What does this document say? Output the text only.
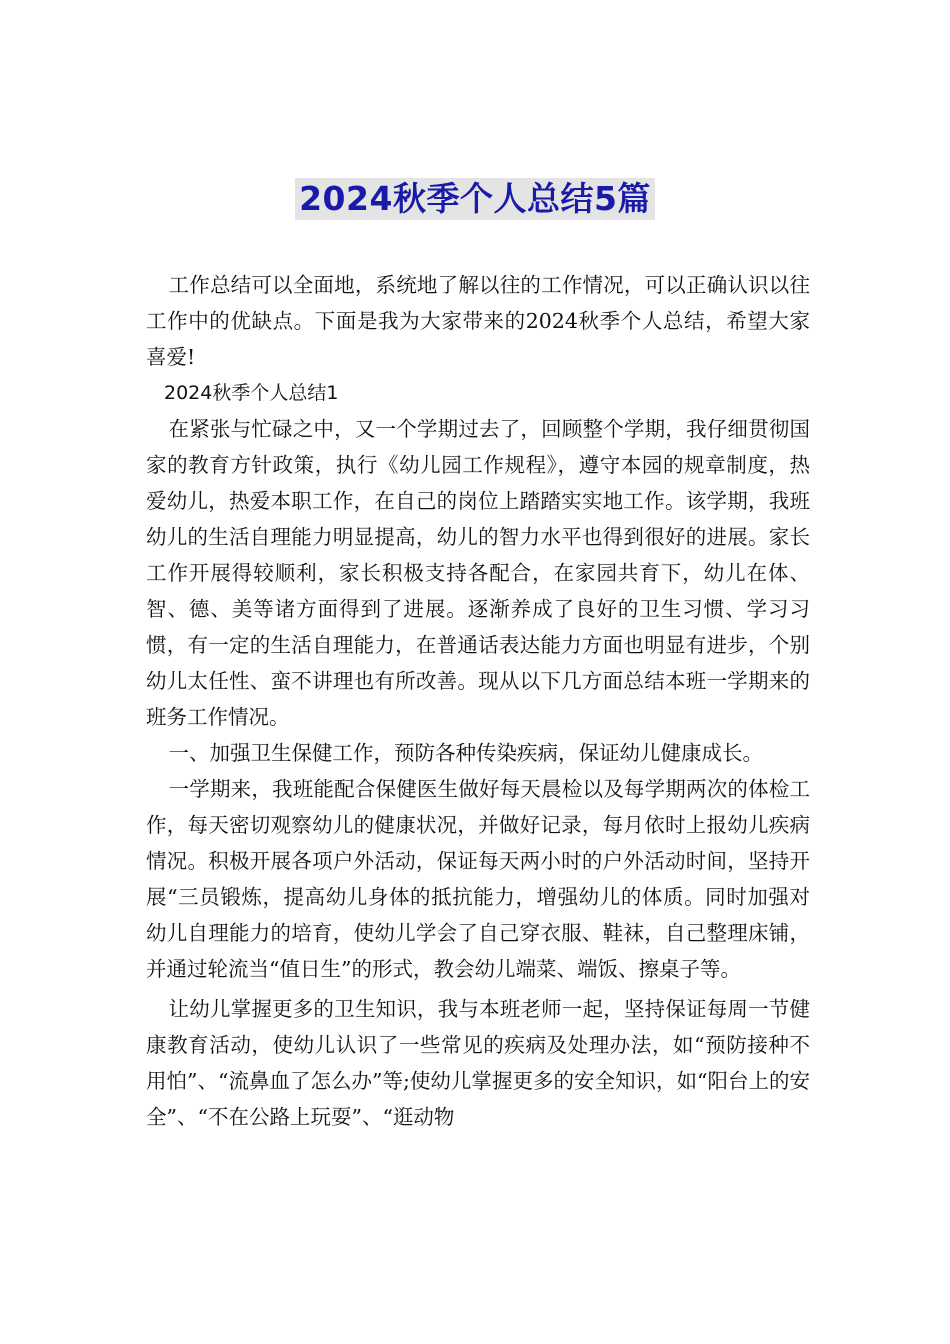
2024秋季个人总结5篇

工作总结可以全面地，系统地了解以往的工作情况，可以正确认识以往工作中的优缺点。下面是我为大家带来的2024秋季个人总结，希望大家喜爱!

2024秋季个人总结1

在紧张与忙碌之中，又一个学期过去了，回顾整个学期，我仔细贯彻国家的教育方针政策，执行《幼儿园工作规程》，遵守本园的规章制度，热爱幼儿，热爱本职工作，在自己的岗位上踏踏实实地工作。该学期，我班幼儿的生活自理能力明显提高，幼儿的智力水平也得到很好的进展。家长工作开展得较顺利，家长积极支持各配合，在家园共育下，幼儿在体、智、德、美等诸方面得到了进展。逐渐养成了良好的卫生习惯、学习习惯，有一定的生活自理能力，在普通话表达能力方面也明显有进步，个别幼儿太任性、蛮不讲理也有所改善。现从以下几方面总结本班一学期来的班务工作情况。

一、加强卫生保健工作，预防各种传染疾病，保证幼儿健康成长。

一学期来，我班能配合保健医生做好每天晨检以及每学期两次的体检工作，每天密切观察幼儿的健康状况，并做好记录，每月依时上报幼儿疾病情况。积极开展各项户外活动，保证每天两小时的户外活动时间，坚持开展“三员锻炼，提高幼儿身体的抵抗能力，增强幼儿的体质。同时加强对幼儿自理能力的培育，使幼儿学会了自己穿衣服、鞋袜，自己整理床铺，并通过轮流当“值日生”的形式，教会幼儿端菜、端饭、擦桌子等。

让幼儿掌握更多的卫生知识，我与本班老师一起，坚持保证每周一节健康教育活动，使幼儿认识了一些常见的疾病及处理办法，如“预防接种不用怕”、“流鼻血了怎么办”等;使幼儿掌握更多的安全知识，如“阳台上的安全”、“不在公路上玩耍”、“逛动物
